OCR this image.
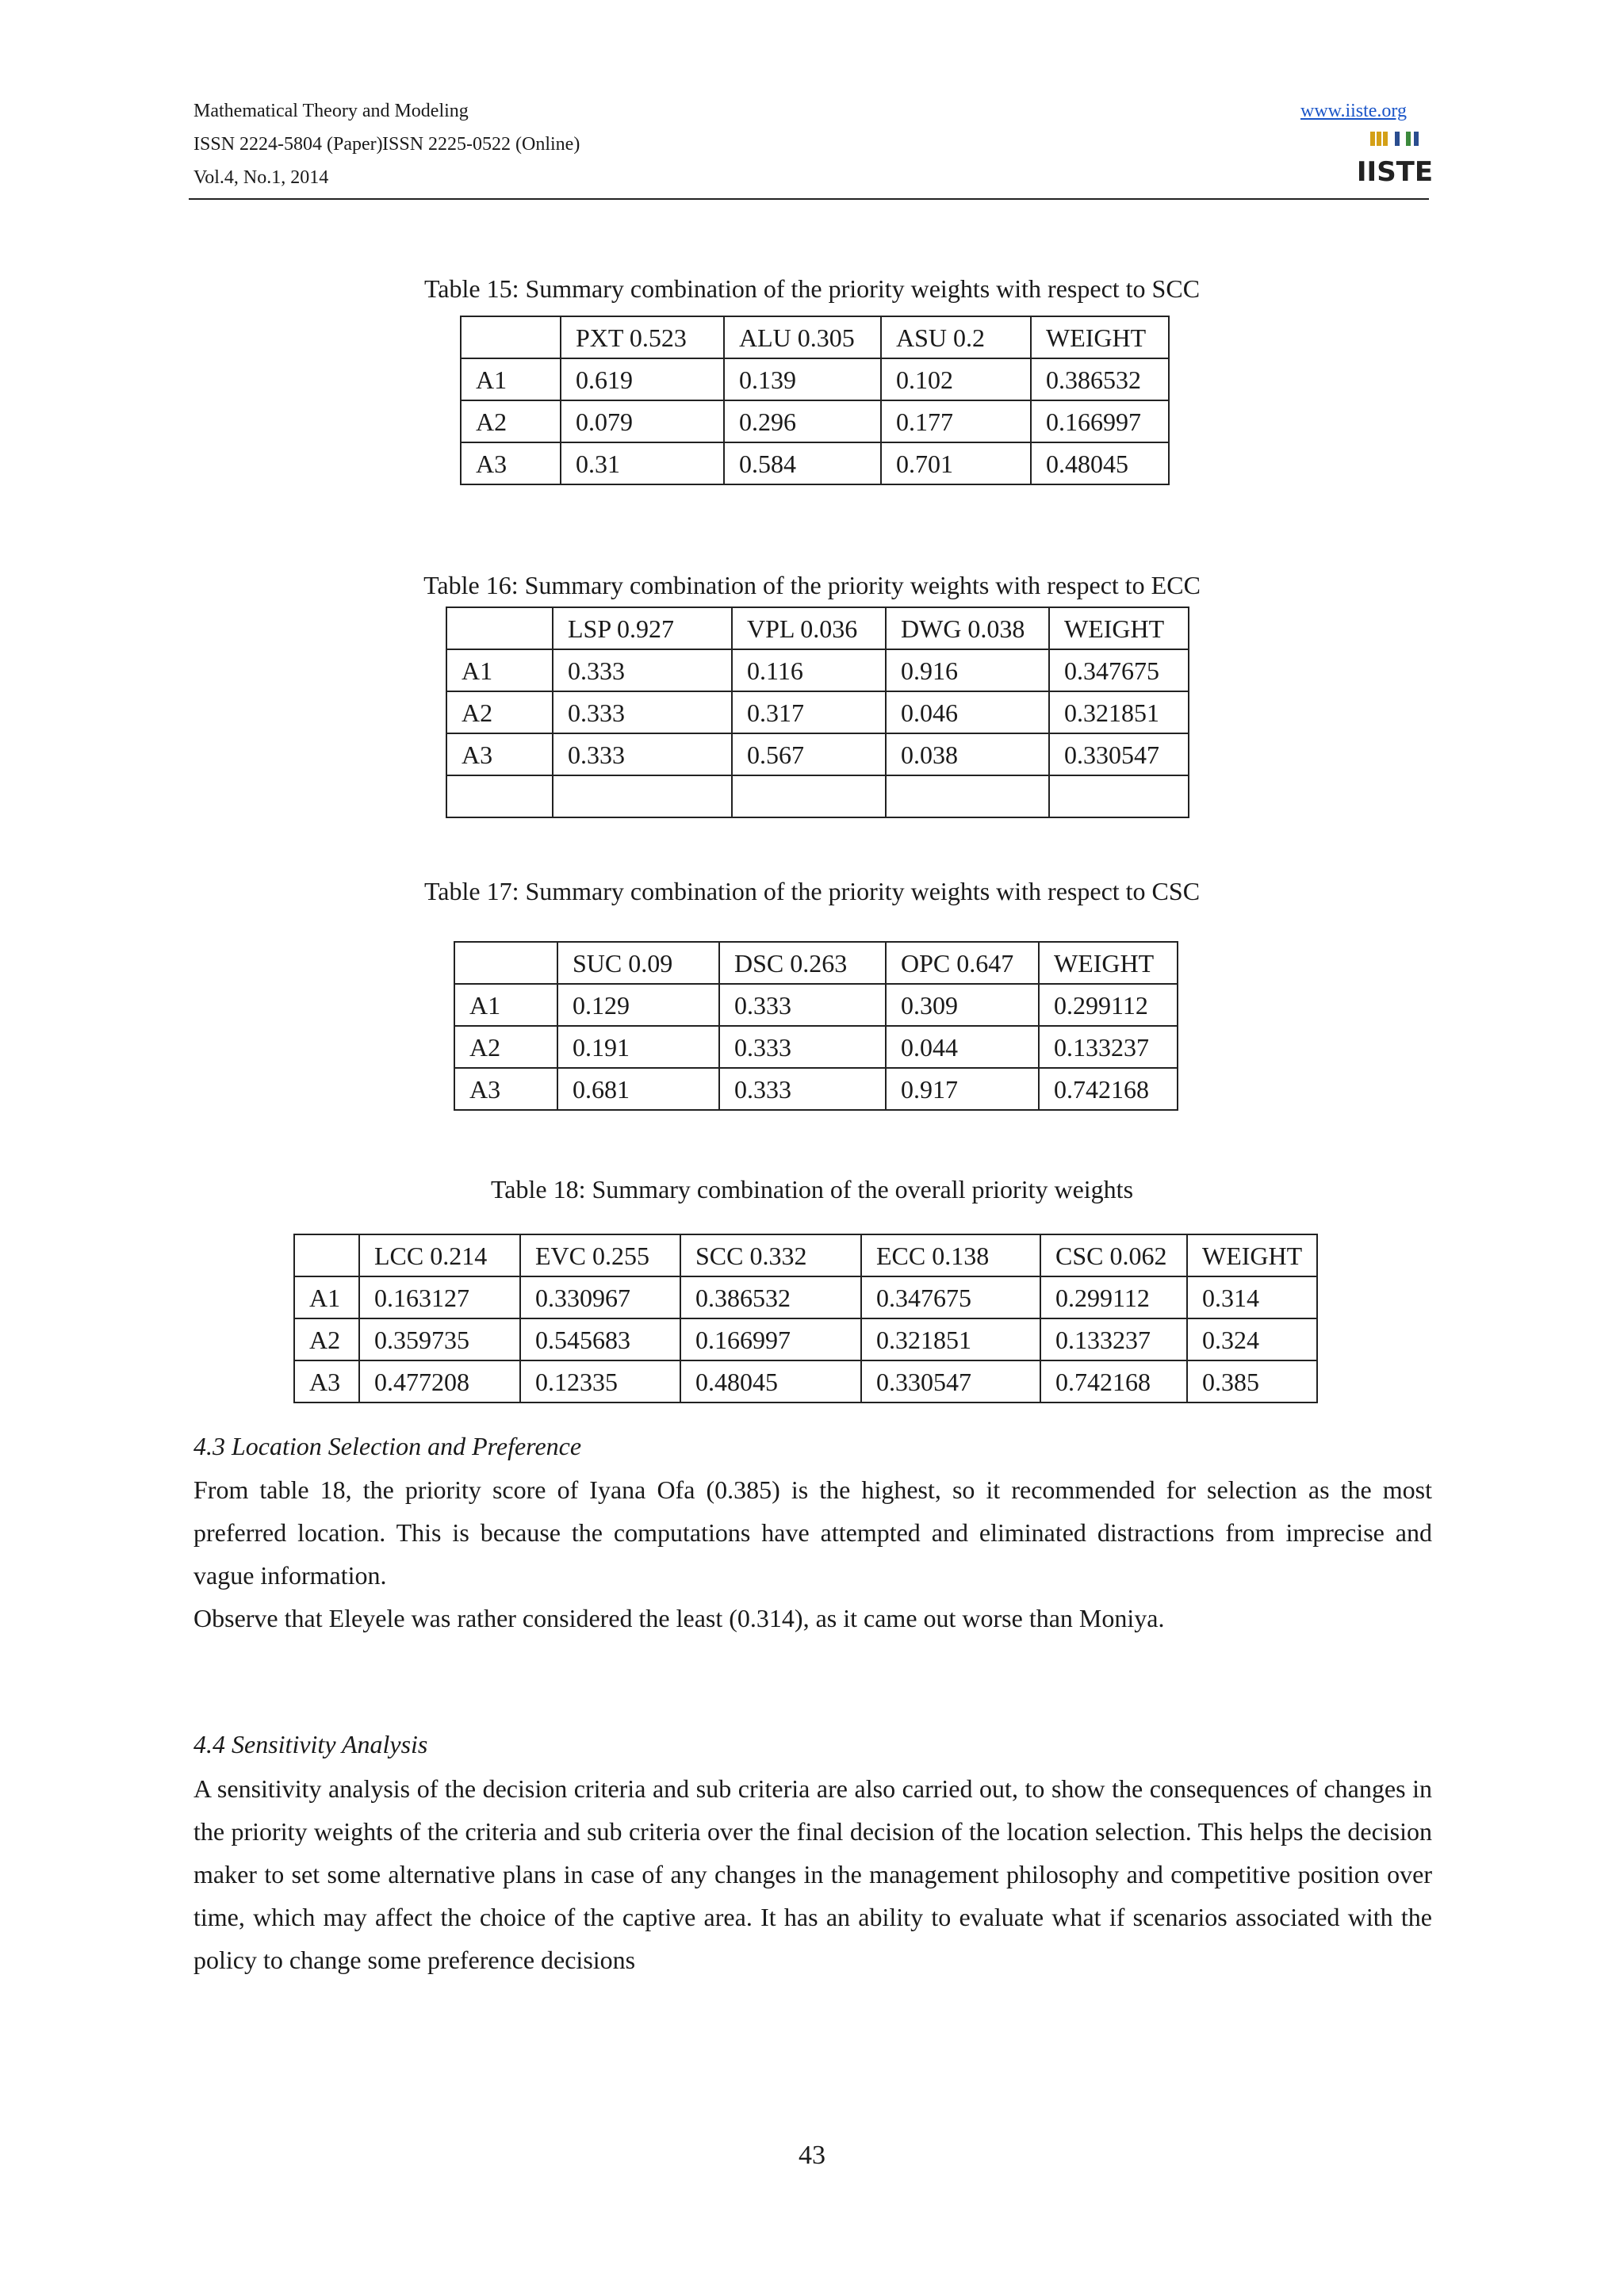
Mathematical Theory and Modeling
ISSN 2224-5804 (Paper) ISSN 2225-0522 (Online)
Vol.4, No.1, 2014
www.iiste.org
IISTE
Table 15: Summary combination of the priority weights with respect to SCC
	PXT 0.523	ALU 0.305	ASU 0.2	WEIGHT
A1	0.619	0.139	0.102	0.386532
A2	0.079	0.296	0.177	0.166997
A3	0.31	0.584	0.701	0.48045
Table 16: Summary combination of the priority weights with respect to ECC
	LSP 0.927	VPL 0.036	DWG 0.038	WEIGHT
A1	0.333	0.116	0.916	0.347675
A2	0.333	0.317	0.046	0.321851
A3	0.333	0.567	0.038	0.330547

Table 17: Summary combination of the priority weights with respect to CSC
	SUC 0.09	DSC 0.263	OPC 0.647	WEIGHT
A1	0.129	0.333	0.309	0.299112
A2	0.191	0.333	0.044	0.133237
A3	0.681	0.333	0.917	0.742168
Table 18: Summary combination of the overall priority weights
	LCC 0.214	EVC 0.255	SCC 0.332	ECC 0.138	CSC 0.062	WEIGHT
A1	0.163127	0.330967	0.386532	0.347675	0.299112	0.314
A2	0.359735	0.545683	0.166997	0.321851	0.133237	0.324
A3	0.477208	0.12335	0.48045	0.330547	0.742168	0.385
4.3 Location Selection and Preference

From table 18, the priority score of Iyana Ofa (0.385) is the highest, so it recommended for selection as the most preferred location. This is because the computations have attempted and eliminated distractions from imprecise and vague information.

Observe that Eleyele was rather considered the least (0.314), as it came out worse than Moniya.

4.4 Sensitivity Analysis

A sensitivity analysis of the decision criteria and sub criteria are also carried out, to show the consequences of changes in the priority weights of the criteria and sub criteria over the final decision of the location selection. This helps the decision maker to set some alternative plans in case of any changes in the management philosophy and competitive position over time, which may affect the choice of the captive area. It has an ability to evaluate what if scenarios associated with the policy to change some preference decisions

43
